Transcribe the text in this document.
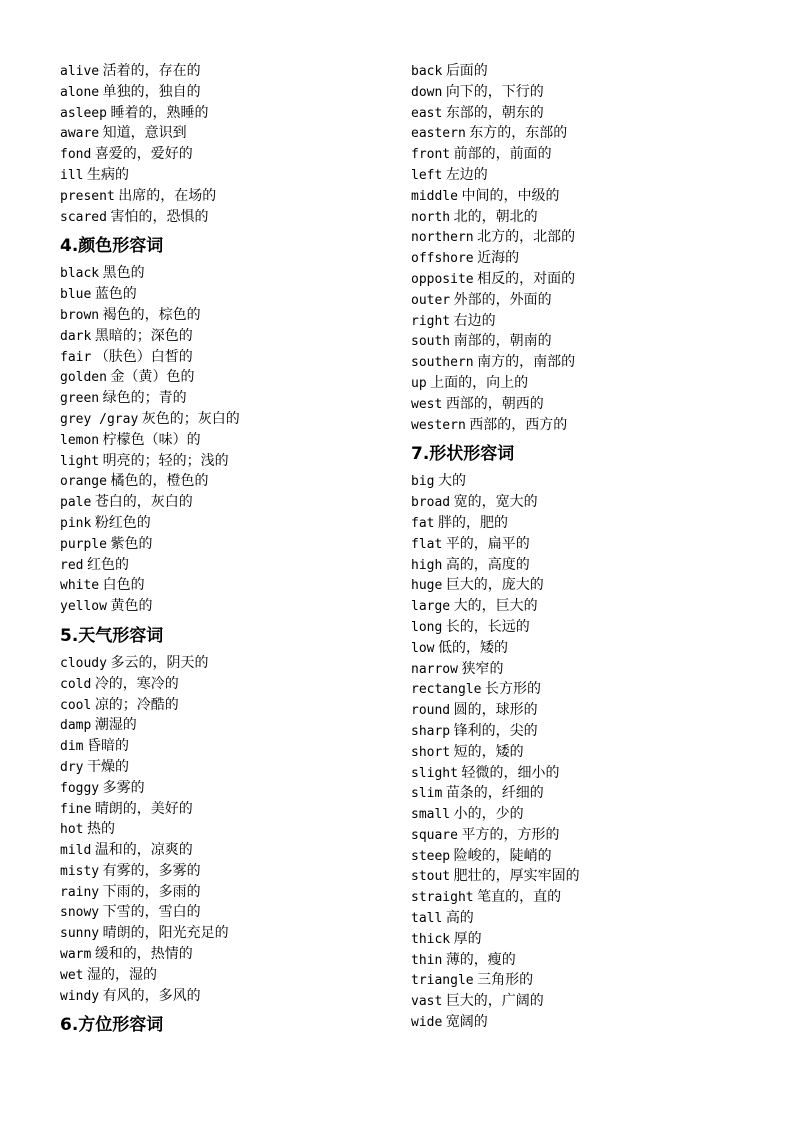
alive 活着的，存在的
alone 单独的，独自的
asleep 睡着的，熟睡的
aware 知道，意识到
fond 喜爱的，爱好的
ill 生病的
present 出席的，在场的
scared 害怕的，恐惧的
4.颜色形容词
black 黑色的
blue 蓝色的
brown 褐色的，棕色的
dark 黑暗的；深色的
fair （肤色）白皙的
golden 金（黄）色的
green 绿色的；青的
grey /gray 灰色的；灰白的
lemon 柠檬色（味）的
light 明亮的；轻的；浅的
orange 橘色的，橙色的
pale 苍白的，灰白的
pink 粉红色的
purple 紫色的
red 红色的
white 白色的
yellow 黄色的
5.天气形容词
cloudy 多云的，阴天的
cold 冷的，寒冷的
cool 凉的；冷酷的
damp 潮湿的
dim 昏暗的
dry 干燥的
foggy 多雾的
fine 晴朗的，美好的
hot 热的
mild 温和的，凉爽的
misty 有雾的，多雾的
rainy 下雨的，多雨的
snowy 下雪的，雪白的
sunny 晴朗的，阳光充足的
warm 缓和的，热情的
wet 湿的，湿的
windy 有风的，多风的
6.方位形容词
back 后面的
down 向下的，下行的
east 东部的，朝东的
eastern 东方的，东部的
front 前部的，前面的
left 左边的
middle 中间的，中级的
north 北的，朝北的
northern 北方的，北部的
offshore 近海的
opposite 相反的，对面的
outer 外部的，外面的
right 右边的
south 南部的，朝南的
southern 南方的，南部的
up 上面的，向上的
west 西部的，朝西的
western 西部的，西方的
7.形状形容词
big 大的
broad 宽的，宽大的
fat 胖的，肥的
flat 平的，扁平的
high 高的，高度的
huge 巨大的，庞大的
large 大的，巨大的
long 长的，长远的
low 低的，矮的
narrow 狭窄的
rectangle 长方形的
round 圆的，球形的
sharp 锋利的，尖的
short 短的，矮的
slight 轻微的，细小的
slim 苗条的，纤细的
small 小的，少的
square 平方的，方形的
steep 险峻的，陡峭的
stout 肥壮的，厚实牢固的
straight 笔直的，直的
tall 高的
thick 厚的
thin 薄的，瘦的
triangle 三角形的
vast 巨大的，广阔的
wide 宽阔的
